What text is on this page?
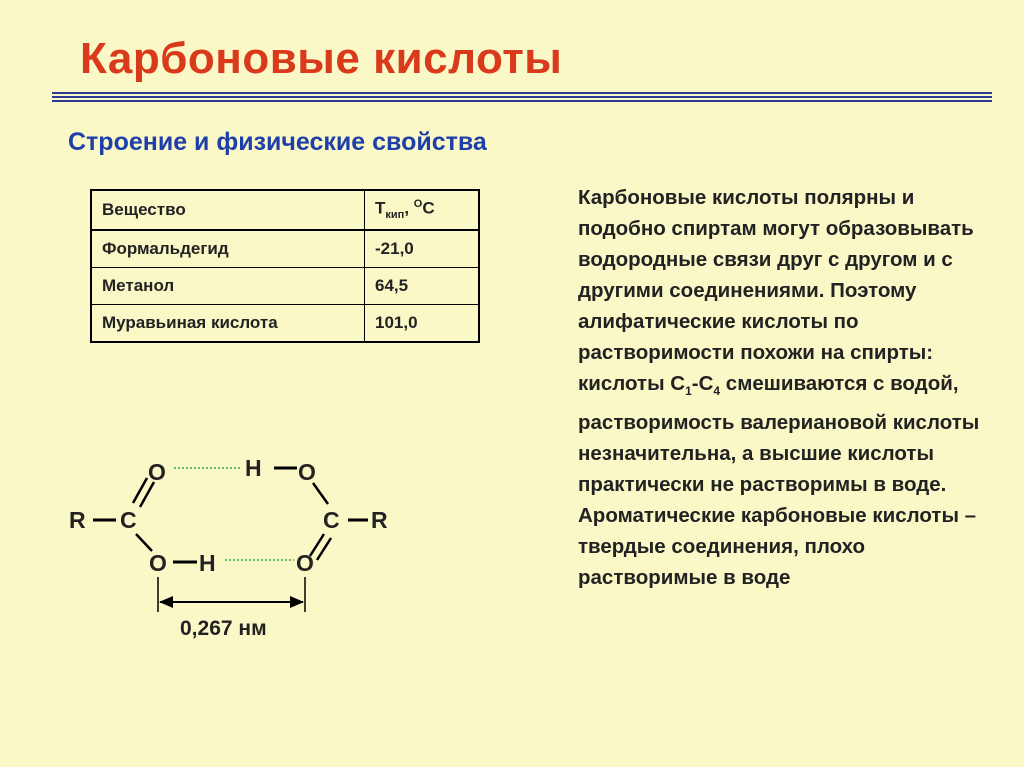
Карбоновые кислоты
Строение и физические свойства
Вещество	$Т_{кип}$, $^О$С
Формальдегид	-21,0
Метанол	64,5
Муравьиная кислота	101,0

Карбоновые кислоты полярны и подобно спиртам могут образовывать водородные связи друг с другом и с другими соединениями. Поэтому алифатические кислоты по растворимости похожи на спирты: кислоты $С_1-С_4$ смешиваются с водой, растворимость валериановой кислоты незначительна, а высшие кислоты практически не растворимы в воде.
Ароматические карбоновые кислоты – твердые соединения, плохо растворимые в воде

R C
O
O
H O
C R
H	O
0,267 нм
